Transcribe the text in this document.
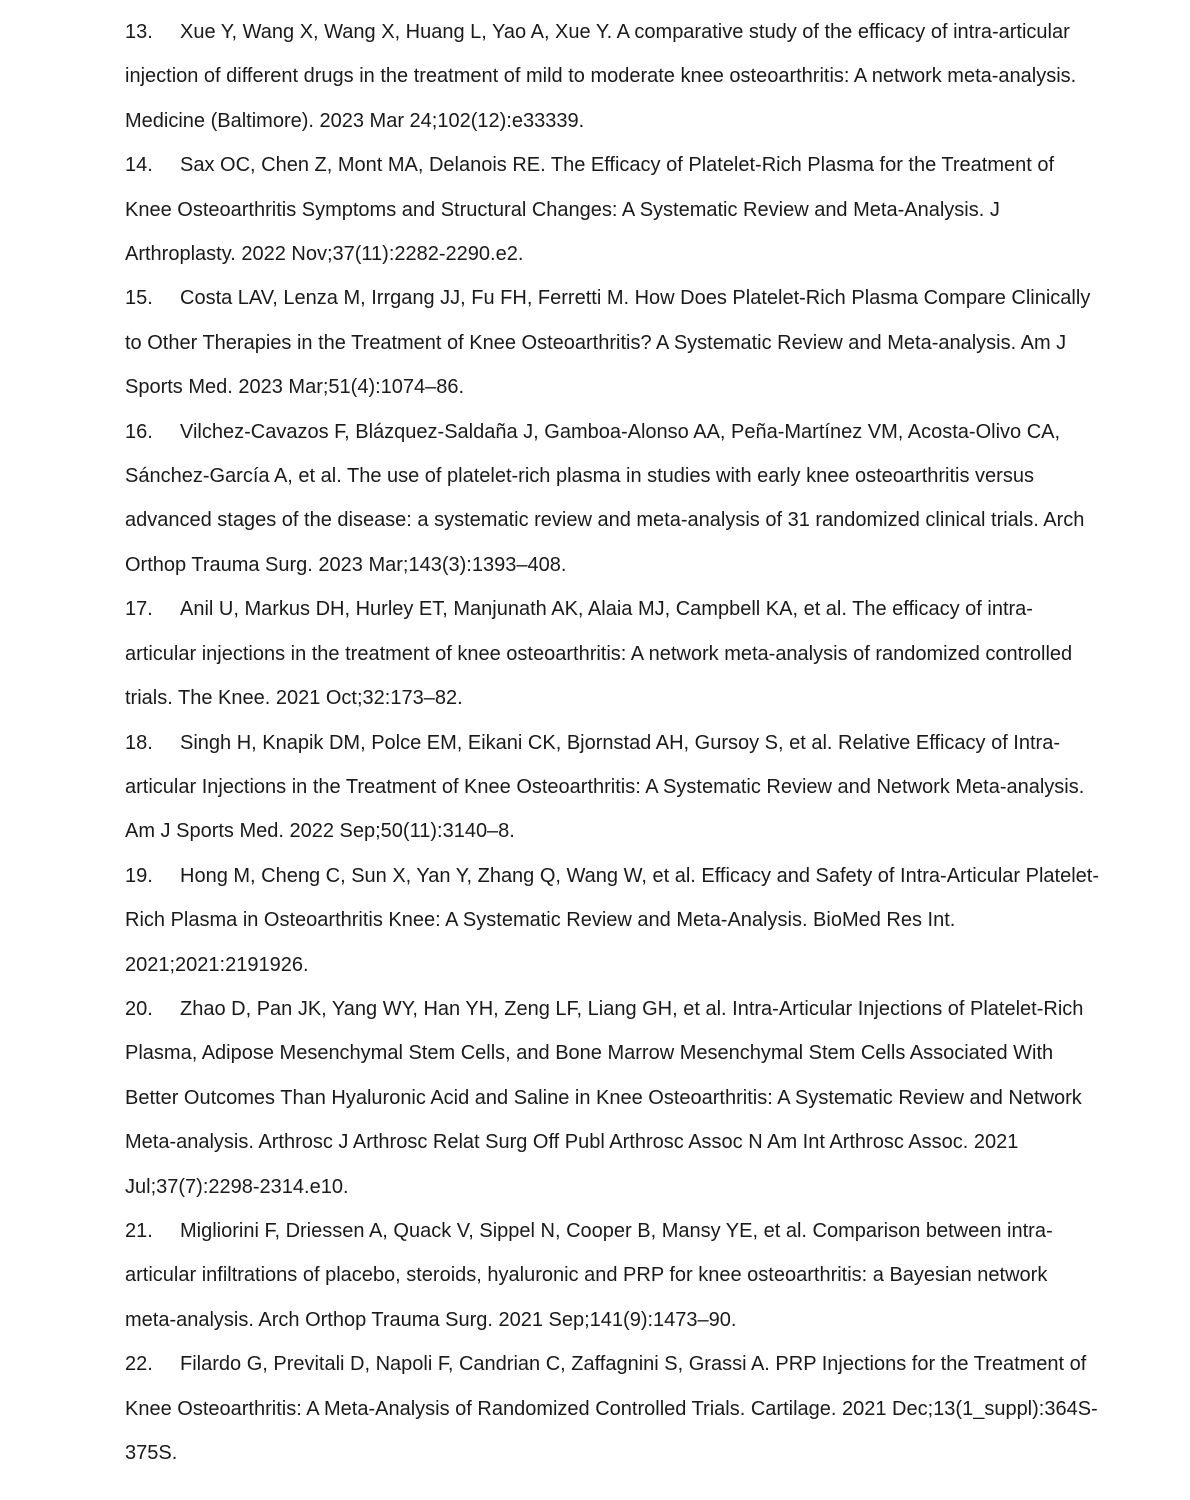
13. Xue Y, Wang X, Wang X, Huang L, Yao A, Xue Y. A comparative study of the efficacy of intra-articular injection of different drugs in the treatment of mild to moderate knee osteoarthritis: A network meta-analysis. Medicine (Baltimore). 2023 Mar 24;102(12):e33339.

14. Sax OC, Chen Z, Mont MA, Delanois RE. The Efficacy of Platelet-Rich Plasma for the Treatment of Knee Osteoarthritis Symptoms and Structural Changes: A Systematic Review and Meta-Analysis. J Arthroplasty. 2022 Nov;37(11):2282-2290.e2.

15. Costa LAV, Lenza M, Irrgang JJ, Fu FH, Ferretti M. How Does Platelet-Rich Plasma Compare Clinically to Other Therapies in the Treatment of Knee Osteoarthritis? A Systematic Review and Meta-analysis. Am J Sports Med. 2023 Mar;51(4):1074–86.

16. Vilchez-Cavazos F, Blázquez-Saldaña J, Gamboa-Alonso AA, Peña-Martínez VM, Acosta-Olivo CA, Sánchez-García A, et al. The use of platelet-rich plasma in studies with early knee osteoarthritis versus advanced stages of the disease: a systematic review and meta-analysis of 31 randomized clinical trials. Arch Orthop Trauma Surg. 2023 Mar;143(3):1393–408.

17. Anil U, Markus DH, Hurley ET, Manjunath AK, Alaia MJ, Campbell KA, et al. The efficacy of intra-articular injections in the treatment of knee osteoarthritis: A network meta-analysis of randomized controlled trials. The Knee. 2021 Oct;32:173–82.

18. Singh H, Knapik DM, Polce EM, Eikani CK, Bjornstad AH, Gursoy S, et al. Relative Efficacy of Intra-articular Injections in the Treatment of Knee Osteoarthritis: A Systematic Review and Network Meta-analysis. Am J Sports Med. 2022 Sep;50(11):3140–8.

19. Hong M, Cheng C, Sun X, Yan Y, Zhang Q, Wang W, et al. Efficacy and Safety of Intra-Articular Platelet-Rich Plasma in Osteoarthritis Knee: A Systematic Review and Meta-Analysis. BioMed Res Int. 2021;2021:2191926.

20. Zhao D, Pan JK, Yang WY, Han YH, Zeng LF, Liang GH, et al. Intra-Articular Injections of Platelet-Rich Plasma, Adipose Mesenchymal Stem Cells, and Bone Marrow Mesenchymal Stem Cells Associated With Better Outcomes Than Hyaluronic Acid and Saline in Knee Osteoarthritis: A Systematic Review and Network Meta-analysis. Arthrosc J Arthrosc Relat Surg Off Publ Arthrosc Assoc N Am Int Arthrosc Assoc. 2021 Jul;37(7):2298-2314.e10.

21. Migliorini F, Driessen A, Quack V, Sippel N, Cooper B, Mansy YE, et al. Comparison between intra-articular infiltrations of placebo, steroids, hyaluronic and PRP for knee osteoarthritis: a Bayesian network meta-analysis. Arch Orthop Trauma Surg. 2021 Sep;141(9):1473–90.

22. Filardo G, Previtali D, Napoli F, Candrian C, Zaffagnini S, Grassi A. PRP Injections for the Treatment of Knee Osteoarthritis: A Meta-Analysis of Randomized Controlled Trials. Cartilage. 2021 Dec;13(1_suppl):364S-375S.
